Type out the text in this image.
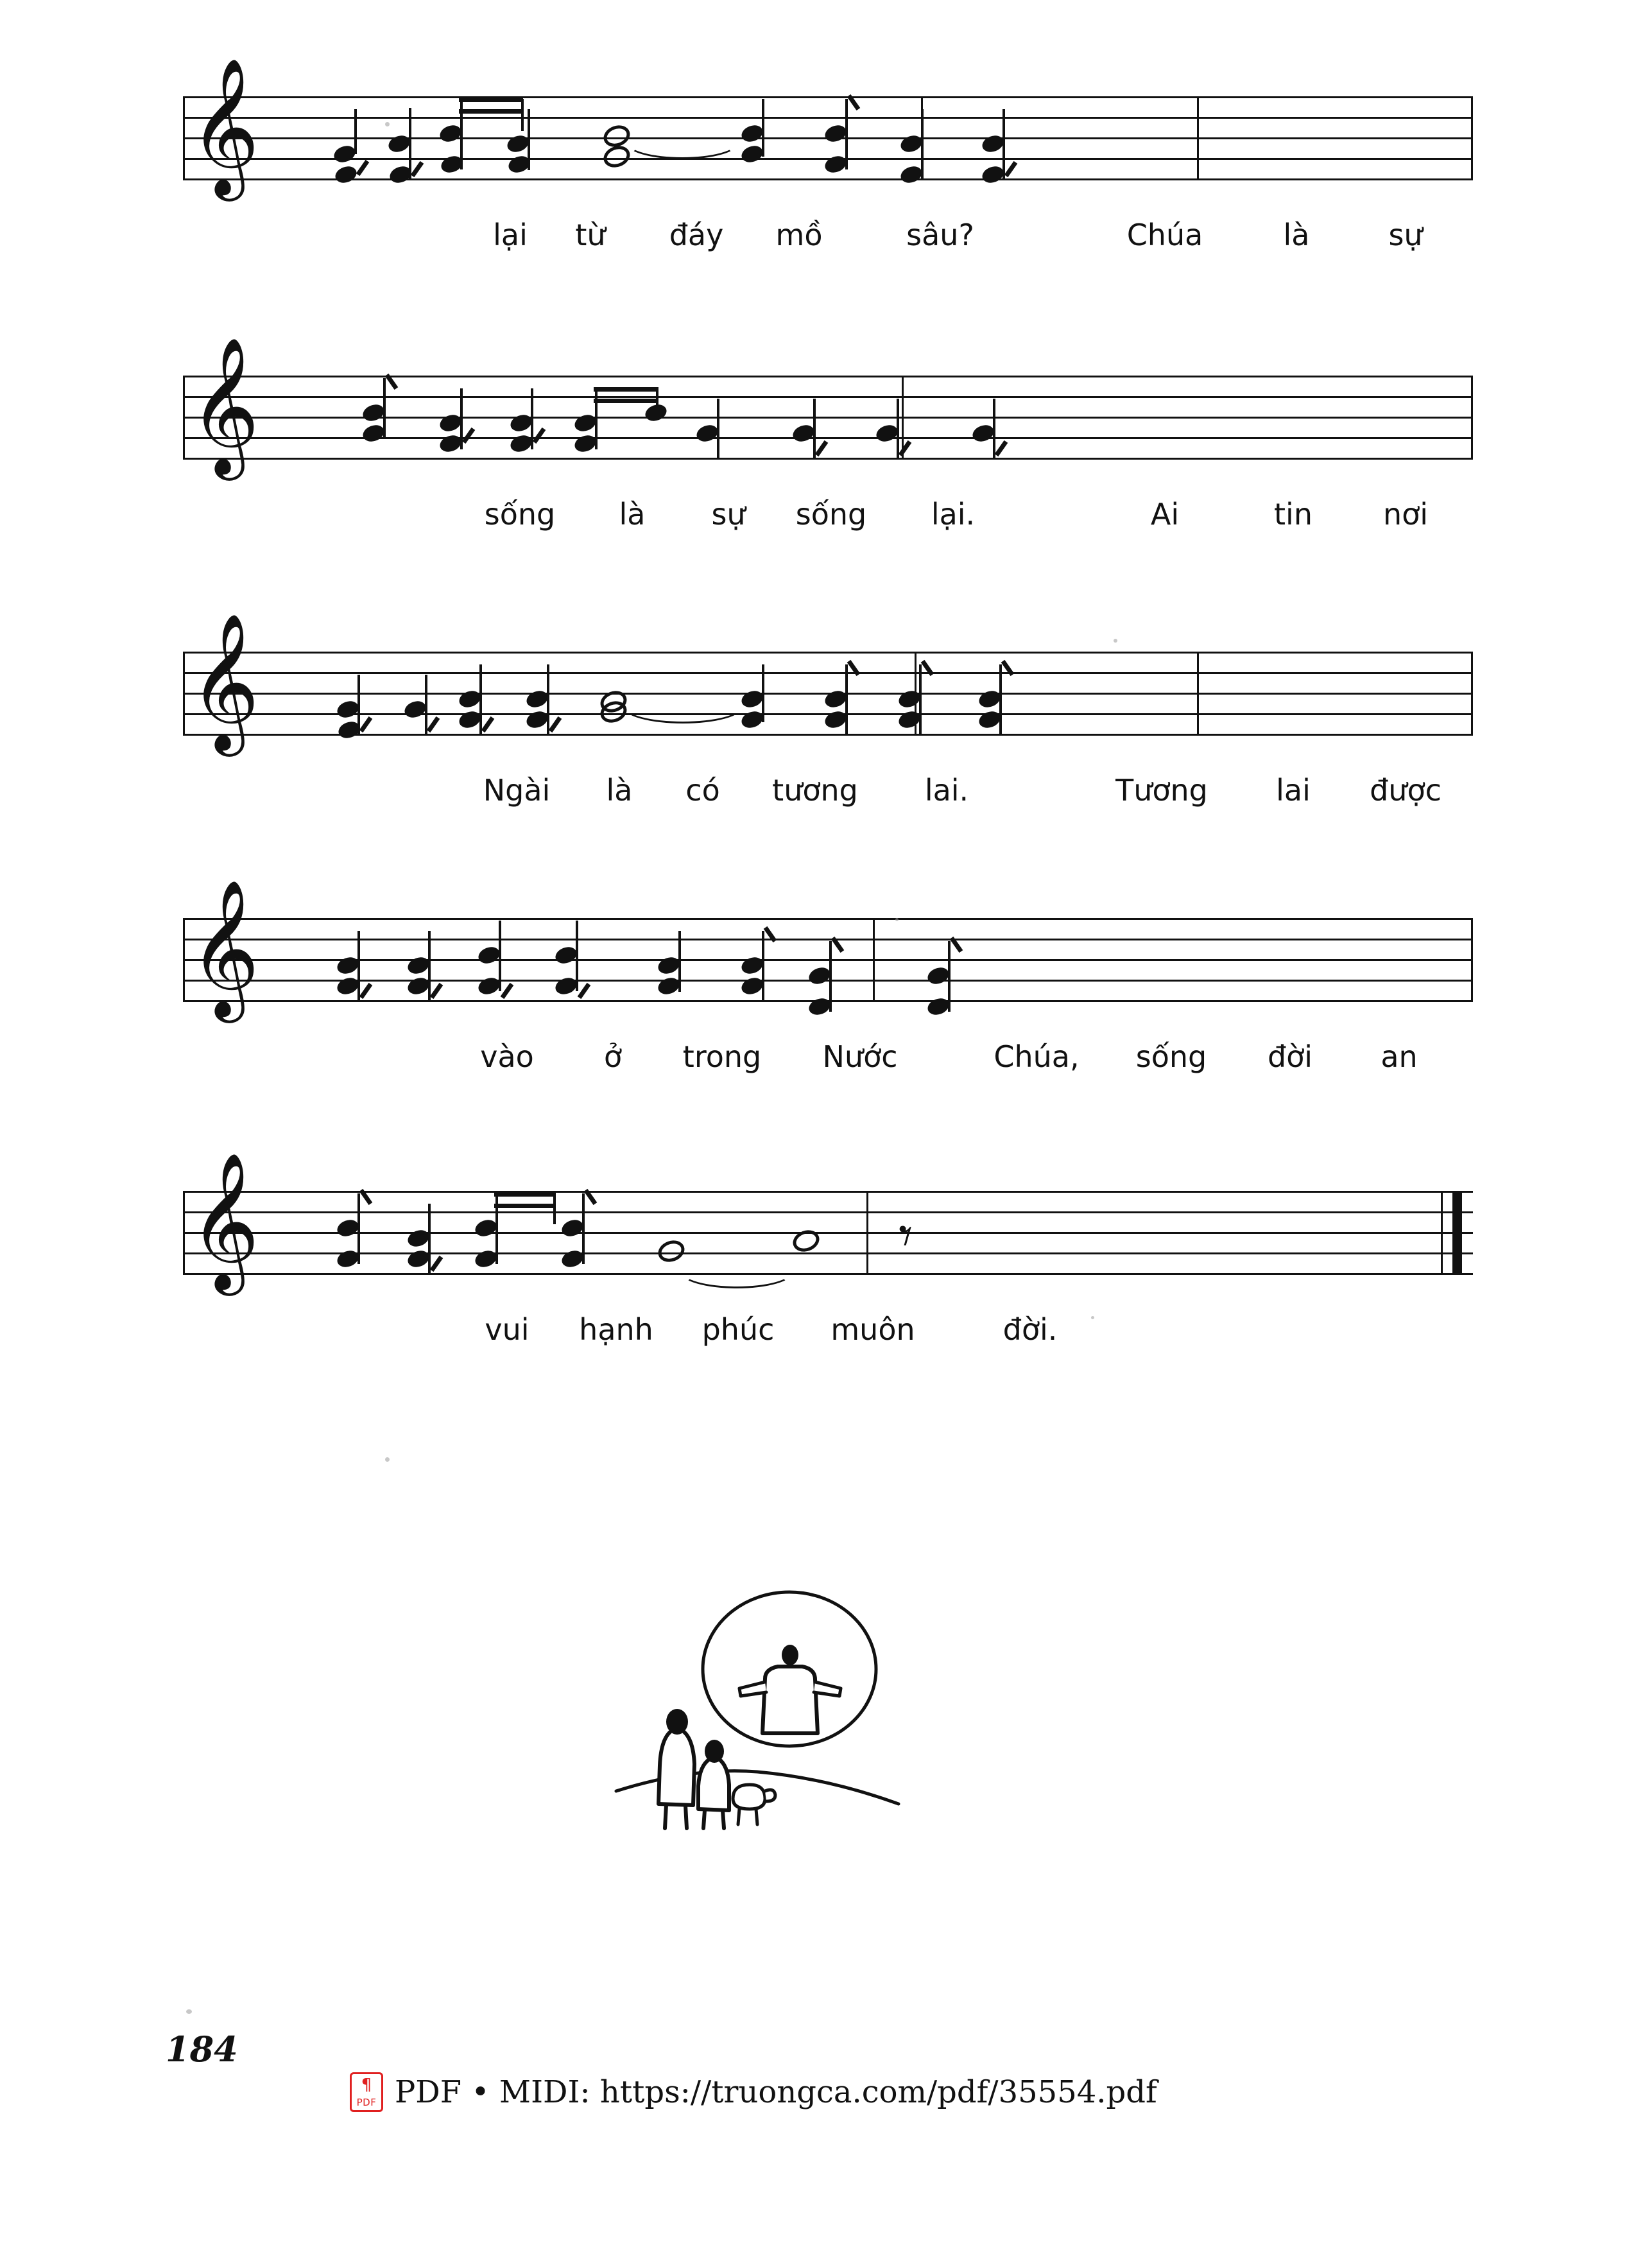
𝄞
lại từ đáy mồ	sâu?	Chúa	là	sự
𝄞
sống là sự sống lại.	Ai	tin nơi
𝄞
Ngài là có tương lai.	Tương lai được
𝄞
vào ở trong Nước	Chúa, sống đời an
𝄞	𝄾
vui hạnh phúc muôn	đời.
184
¶
PDF PDF • MIDI: https://truongca.com/pdf/35554.pdf
